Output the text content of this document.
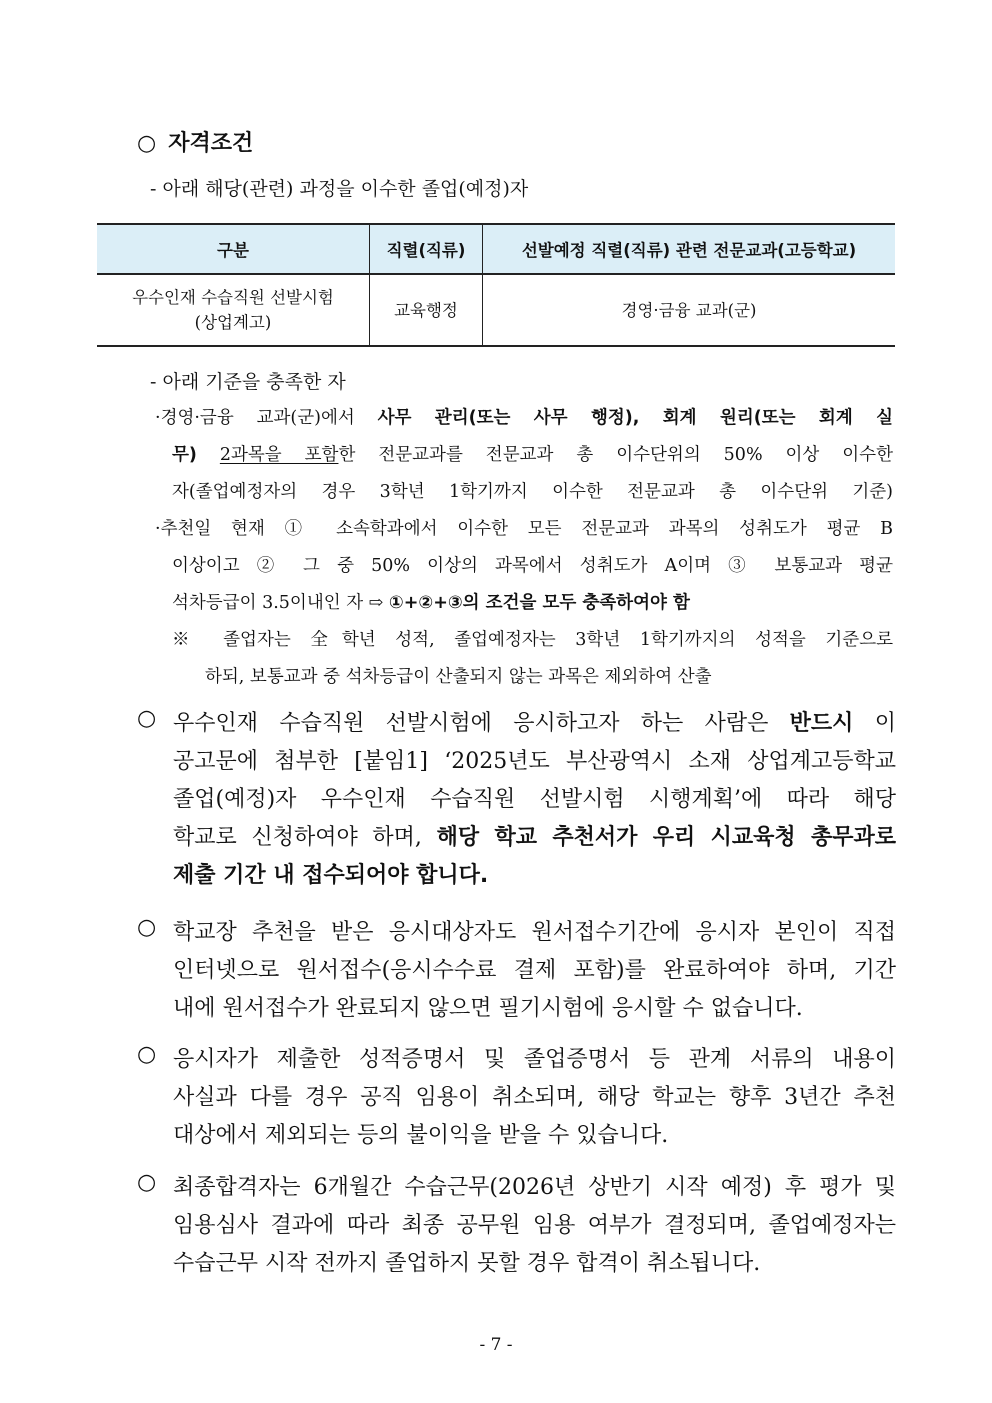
○ 자격조건
- 아래 해당(관련) 과정을 이수한 졸업(예정)자
구분	직렬(직류)	선발예정 직렬(직류) 관련 전문교과(고등학교)

우수인재 수습직원 선발시험
(상업계고)	교육행정	경영·금융 교과(군)
- 아래 기준을 충족한 자
·경영·금융 교과(군)에서 사무 관리(또는 사무 행정), 회계 원리(또는 회계 실
무) 2과목을 포함한 전문교과를 전문교과 총 이수단위의 50% 이상 이수한
자(졸업예정자의 경우 3학년 1학기까지 이수한 전문교과 총 이수단위 기준)
·추천일 현재 ① 소속학과에서 이수한 모든 전문교과 과목의 성취도가 평균 B
이상이고 ② 그 중 50% 이상의 과목에서 성취도가 A이며 ③ 보통교과 평균
석차등급이 3.5이내인 자 ⇨ ①+②+③의 조건을 모두 충족하여야 함
※ 졸업자는 全학년 성적, 졸업예정자는 3학년 1학기까지의 성적을 기준으로
하되, 보통교과 중 석차등급이 산출되지 않는 과목은 제외하여 산출
○ 우수인재 수습직원 선발시험에 응시하고자 하는 사람은 반드시 이
공고문에 첨부한 [붙임1] ‘2025년도 부산광역시 소재 상업계고등학교
졸업(예정)자 우수인재 수습직원 선발시험 시행계획’에 따라 해당
학교로 신청하여야 하며, 해당 학교 추천서가 우리 시교육청 총무과로
제출 기간 내 접수되어야 합니다.
○ 학교장 추천을 받은 응시대상자도 원서접수기간에 응시자 본인이 직접
인터넷으로 원서접수(응시수수료 결제 포함)를 완료하여야 하며, 기간
내에 원서접수가 완료되지 않으면 필기시험에 응시할 수 없습니다.
○ 응시자가 제출한 성적증명서 및 졸업증명서 등 관계 서류의 내용이
사실과 다를 경우 공직 임용이 취소되며, 해당 학교는 향후 3년간 추천
대상에서 제외되는 등의 불이익을 받을 수 있습니다.
○ 최종합격자는 6개월간 수습근무(2026년 상반기 시작 예정) 후 평가 및
임용심사 결과에 따라 최종 공무원 임용 여부가 결정되며, 졸업예정자는
수습근무 시작 전까지 졸업하지 못할 경우 합격이 취소됩니다.
- 7 -
